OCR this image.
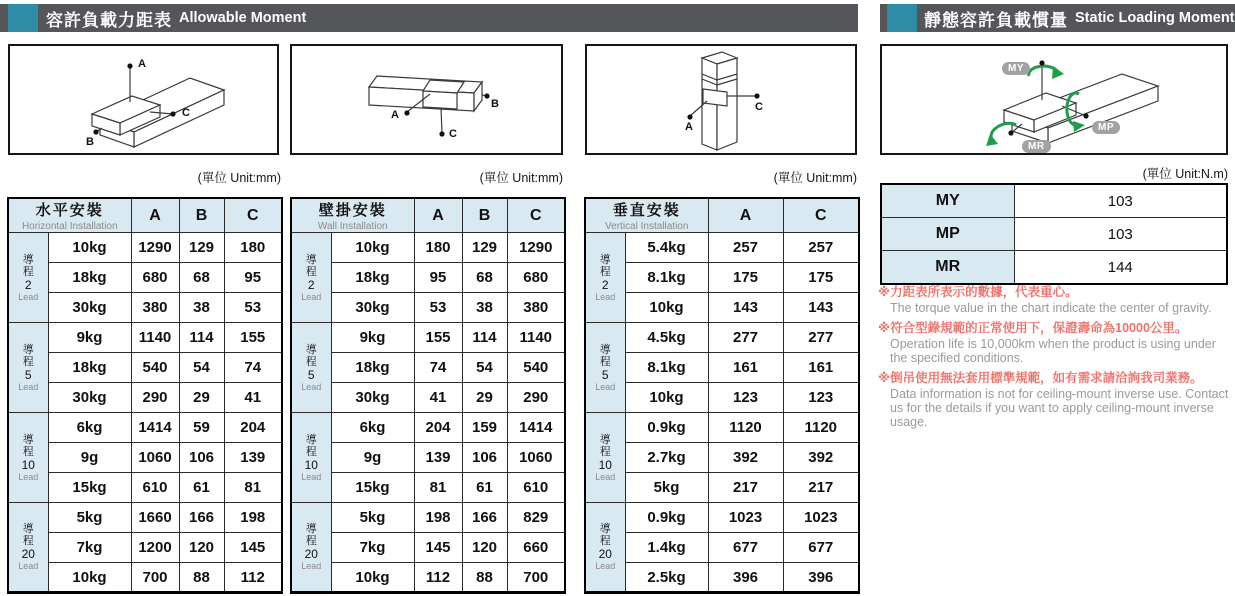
容許負載力距表 Allowable Moment	靜態容許負載慣量 Static Loading Moment
A
B
C	A
B
C
A
C
MY
MP
MR
(單位 Unit:mm)	(單位 Unit:mm)	(單位 Unit:mm)	(單位 Unit:N.m)
水平安裝
Horizontal Installation		A	B	C

導
程
2
Lead	10kg	1290	129	180
	18kg	680	68	95
	30kg	380	38	53

導
程
5
Lead	9kg	1140	114	155
	18kg	540	54	74
	30kg	290	29	41

導
程
10
Lead	6kg	1414	59	204
	9g	1060	106	139
	15kg	610	61	81

導
程
20
Lead	5kg	1660	166	198
	7kg	1200	120	145
	10kg	700	88	112
壁掛安裝
Wall Installation		A	B	C

導
程
2
Lead	10kg	180	129	1290
	18kg	95	68	680
	30kg	53	38	380

導
程
5
Lead	9kg	155	114	1140
	18kg	74	54	540
	30kg	41	29	290

導
程
10
Lead	6kg	204	159	1414
	9g	139	106	1060
	15kg	81	61	610

導
程
20
Lead	5kg	198	166	829
	7kg	145	120	660
	10kg	112	88	700
垂直安裝
Vertical Installation		A	C

導
程
2
Lead	5.4kg	257	257
	8.1kg	175	175
	10kg	143	143

導
程
5
Lead	4.5kg	277	277
	8.1kg	161	161
	10kg	123	123

導
程
10
Lead	0.9kg	1120	1120
	2.7kg	392	392
	5kg	217	217

導
程
20
Lead	0.9kg	1023	1023
	1.4kg	677	677
	2.5kg	396	396
MY	103
MP	103
MR	144
※力距表所表示的數據，代表重心。
The torque value in the chart indicate the center of gravity.
※符合型錄規範的正常使用下，保證壽命為10000公里。
Operation life is 10,000km when the product is using under the specified conditions.
※倒吊使用無法套用標準規範，如有需求請洽詢我司業務。
Data information is not for ceiling-mount inverse use. Contact us for the details if you want to apply ceiling-mount inverse usage.
